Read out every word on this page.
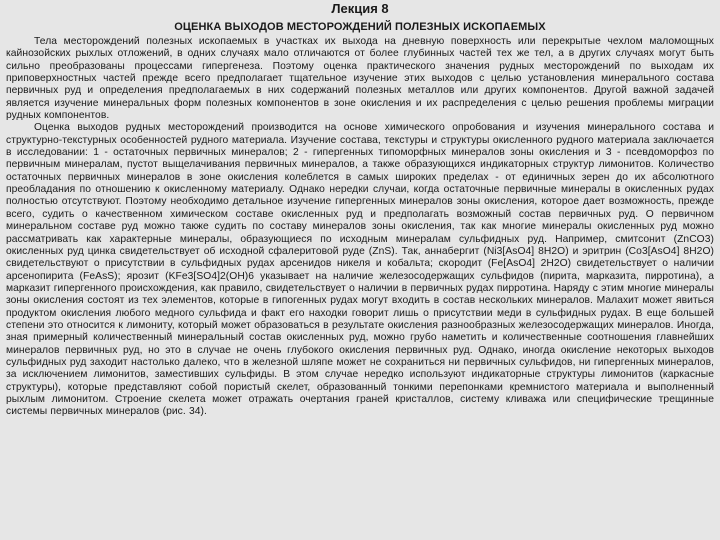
Лекция 8
ОЦЕНКА ВЫХОДОВ МЕСТОРОЖДЕНИЙ ПОЛЕЗНЫХ ИСКОПАЕМЫХ

Тела месторождений полезных ископаемых в участках их выхода на дневную поверхность или перекрытые чехлом маломощных кайнозойских рыхлых отложений, в одних случаях мало отличаются от более глубинных частей тех же тел, а в других случаях могут быть сильно преобразованы процессами гипергенеза. Поэтому оценка практического значения рудных месторождений по выходам их приповерхностных частей прежде всего предполагает тщательное изучение этих выходов с целью установления минерального состава первичных руд и определения предполагаемых в них содержаний полезных металлов или других компонентов. Другой важной задачей является изучение минеральных форм полезных компонентов в зоне окисления и их распределения с целью решения проблемы миграции рудных компонентов.

Оценка выходов рудных месторождений производится на основе химического опробования и изучения минерального состава и структурно-текстурных особенностей рудного материала. Изучение состава, текстуры и структуры окисленного рудного материала заключается в исследовании: 1 - остаточных первичных минералов; 2 - гипергенных типоморфных минералов зоны окисления и 3 - псевдоморфоз по первичным минералам, пустот выщелачивания первичных минералов, а также образующихся индикаторных структур лимонитов. Количество остаточных первичных минералов в зоне окисления колеблется в самых широких пределах - от единичных зерен до их абсолютного преобладания по отношению к окисленному материалу. Однако нередки случаи, когда остаточные первичные минералы в окисленных рудах полностью отсутствуют. Поэтому необходимо детальное изучение гипергенных минералов зоны окисления, которое дает возможность, прежде всего, судить о качественном химическом составе окисленных руд и предполагать возможный состав первичных руд. О первичном минеральном составе руд можно также судить по составу минералов зоны окисления, так как многие минералы окисленных руд можно рассматривать как характерные минералы, образующиеся по исходным минералам сульфидных руд. Например, смитсонит (ZnCO3) окисленных руд цинка свидетельствует об исходной сфалеритовой руде (ZnS). Так, аннабергит (Ni3[AsO4] 8H2O) и эритрин (Co3[AsO4] 8H2O) свидетельствуют о присутствии в сульфидных рудах арсенидов никеля и кобальта; скородит (Fe[AsO4] 2H2O) свидетельствует о наличии арсенопирита (FeAsS); ярозит (KFe3[SO4]2(OH)6 указывает на наличие железосодержащих сульфидов (пирита, марказита, пирротина), а марказит гипергенного происхождения, как правило, свидетельствует о наличии в первичных рудах пирротина. Наряду с этим многие минералы зоны окисления состоят из тех элементов, которые в гипогенных рудах могут входить в состав нескольких минералов. Малахит может явиться продуктом окисления любого медного сульфида и факт его находки говорит лишь о присутствии меди в сульфидных рудах. В еще большей степени это относится к лимониту, который может образоваться в результате окисления разнообразных железосодержащих минералов. Иногда, зная примерный количественный минеральный состав окисленных руд, можно грубо наметить и количественные соотношения главнейших минералов первичных руд, но это в случае не очень глубокого окисления первичных руд. Однако, иногда окисление некоторых выходов сульфидных руд заходит настолько далеко, что в железной шляпе может не сохраниться ни первичных сульфидов, ни гипергенных минералов, за исключением лимонитов, заместивших сульфиды. В этом случае нередко используют индикаторные структуры лимонитов (каркасные структуры), которые представляют собой пористый скелет, образованный тонкими перепонками кремнистого материала и выполненный рыхлым лимонитом. Строение скелета может отражать очертания граней кристаллов, систему кливажа или специфические трещинные системы первичных минералов (рис. 34).
